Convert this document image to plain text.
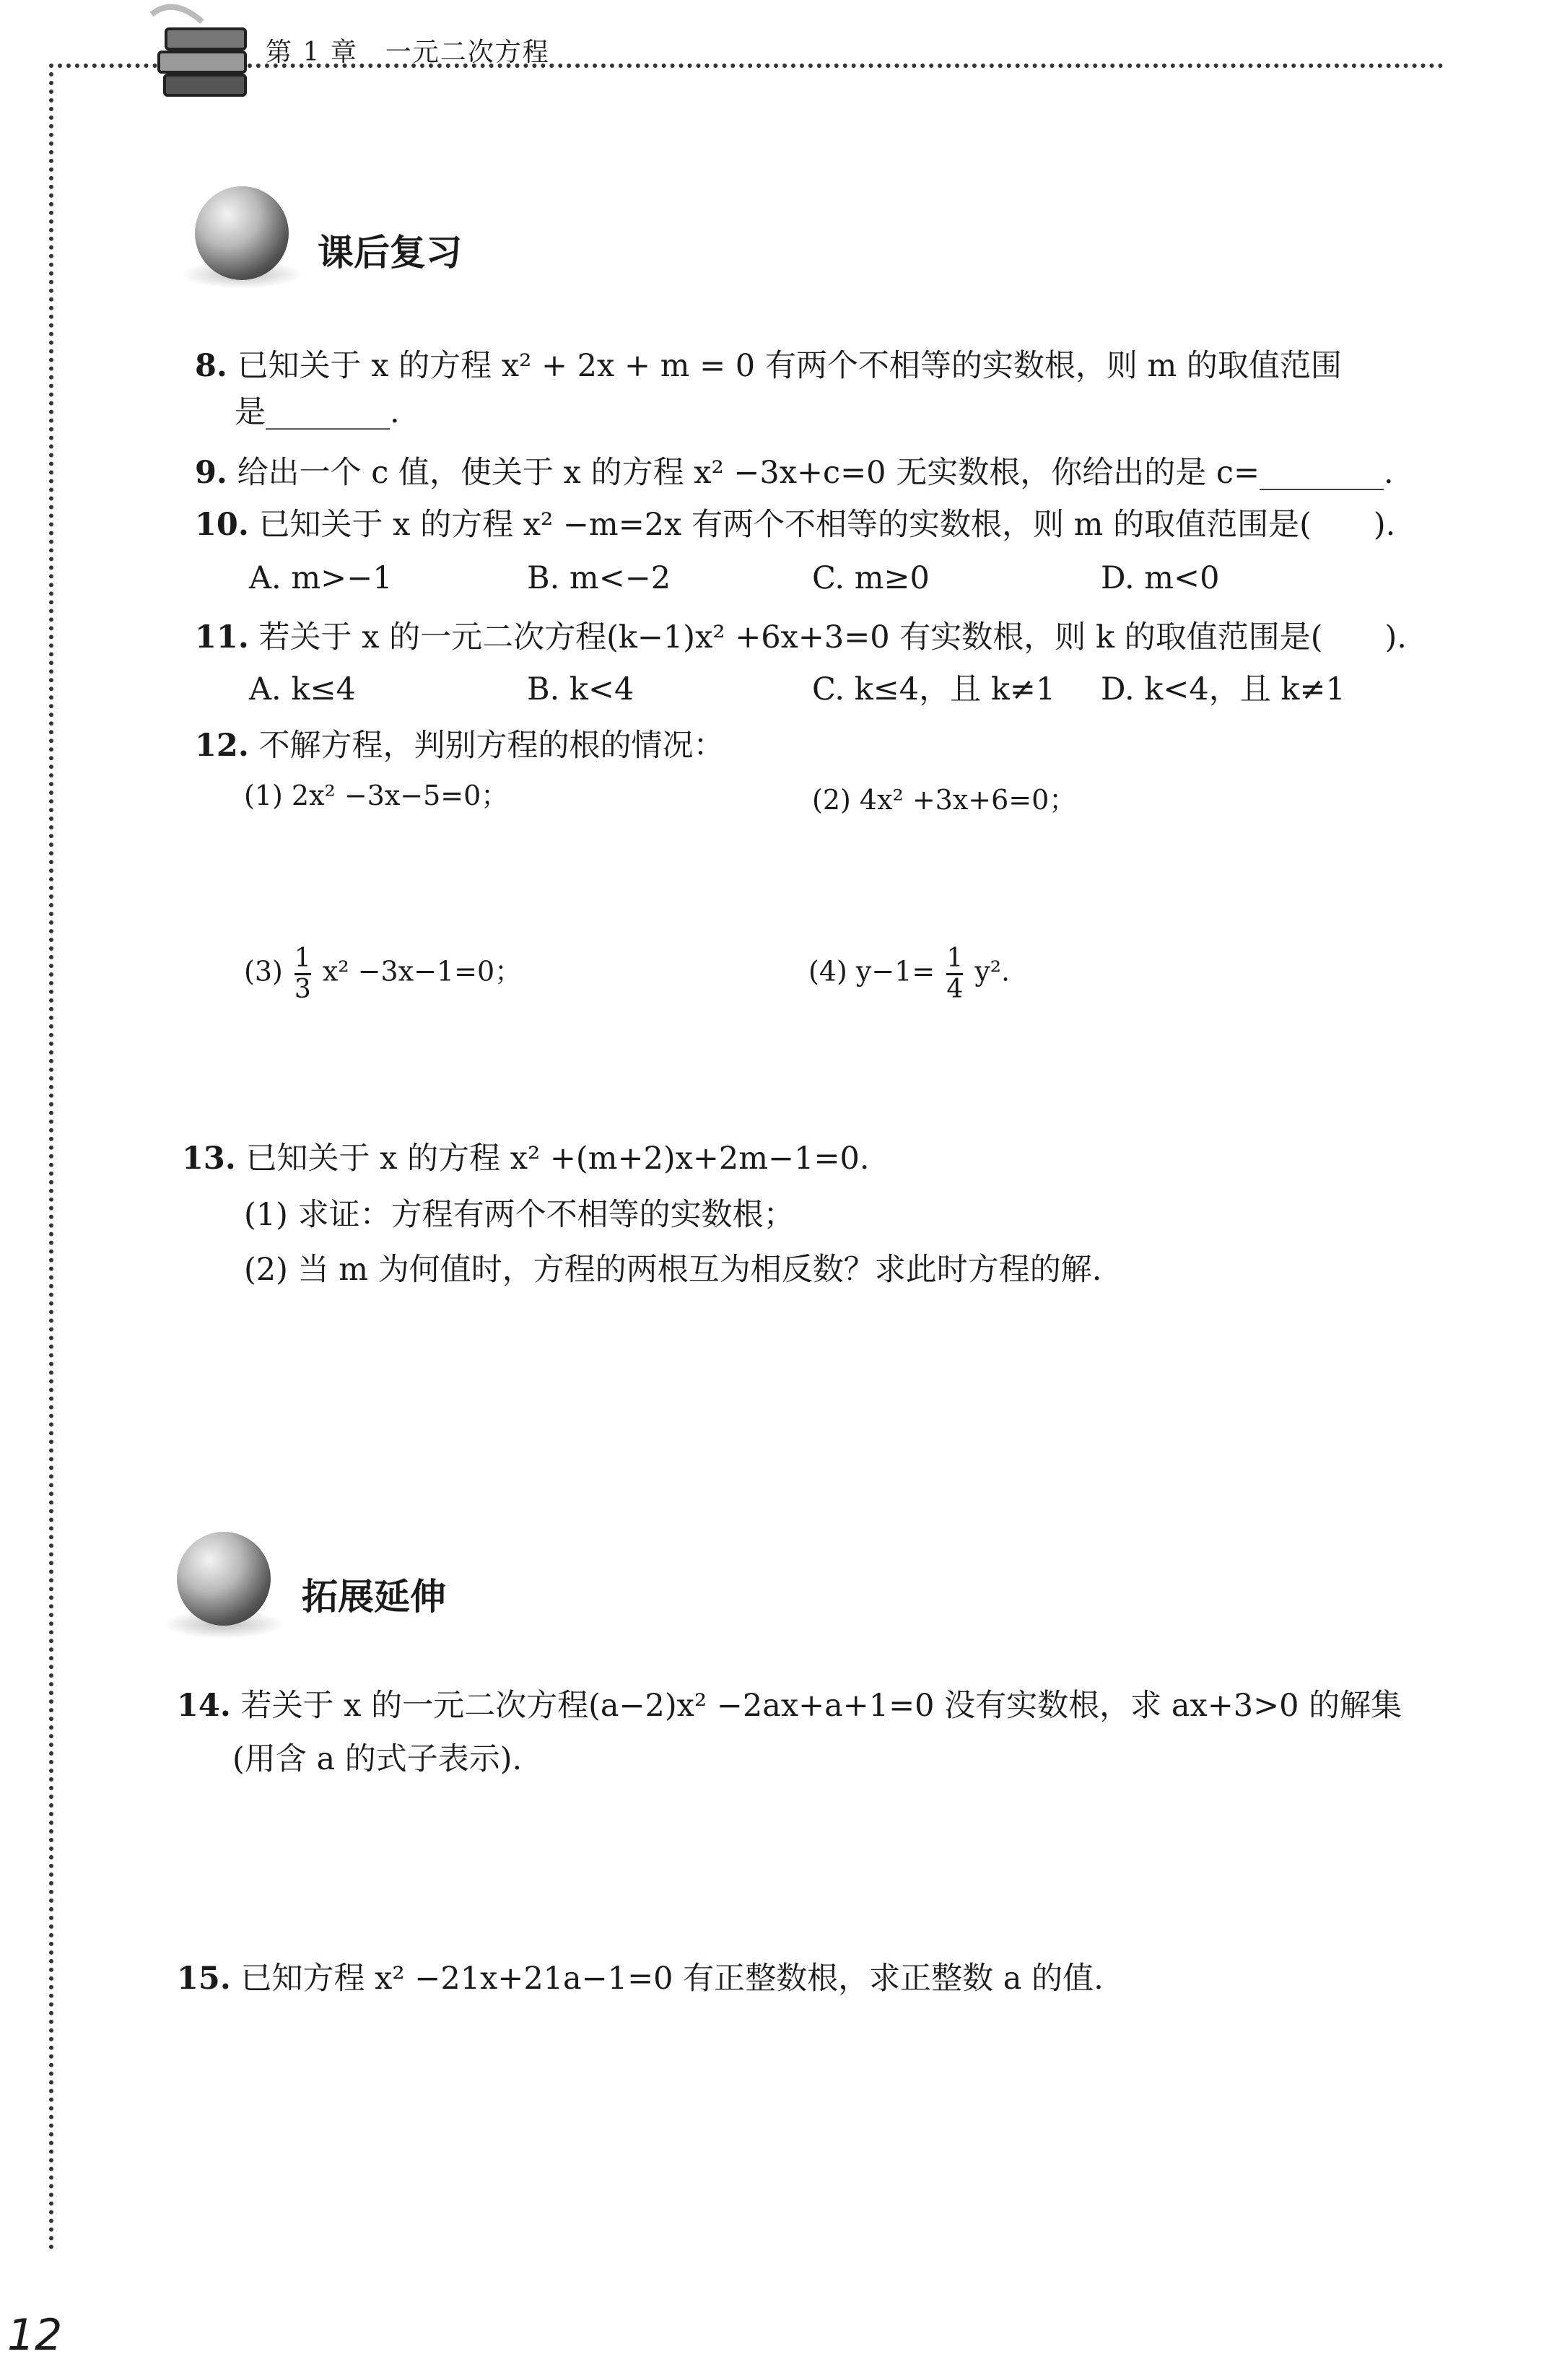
第 1 章　一元二次方程
课后复习
8. 已知关于 x 的方程 x² + 2x + m = 0 有两个不相等的实数根，则 m 的取值范围
是________.
9. 给出一个 c 值，使关于 x 的方程 x² −3x+c=0 无实数根，你给出的是 c=________.
10. 已知关于 x 的方程 x² −m=2x 有两个不相等的实数根，则 m 的取值范围是(　　).
A. m>−1	B. m<−2	C. m≥0	D. m<0
11. 若关于 x 的一元二次方程(k−1)x² +6x+3=0 有实数根，则 k 的取值范围是(　　).
A. k≤4	B. k<4	C. k≤4，且 k≠1 D. k<4，且 k≠1
12. 不解方程，判别方程的根的情况：
(1) 2x² −3x−5=0；	(2) 4x² +3x+6=0；
$(3) \frac{1}{3} x^2 -3x-1=0$；	(4) $y-1= \frac{1}{4} y^2$.
13. 已知关于 x 的方程 x² +(m+2)x+2m−1=0.
(1) 求证：方程有两个不相等的实数根；
(2) 当 m 为何值时，方程的两根互为相反数？求此时方程的解.
拓展延伸
14. 若关于 x 的一元二次方程(a−2)x² −2ax+a+1=0 没有实数根，求 ax+3>0 的解集
(用含 a 的式子表示).
15. 已知方程 x² −21x+21a−1=0 有正整数根，求正整数 a 的值.
12
